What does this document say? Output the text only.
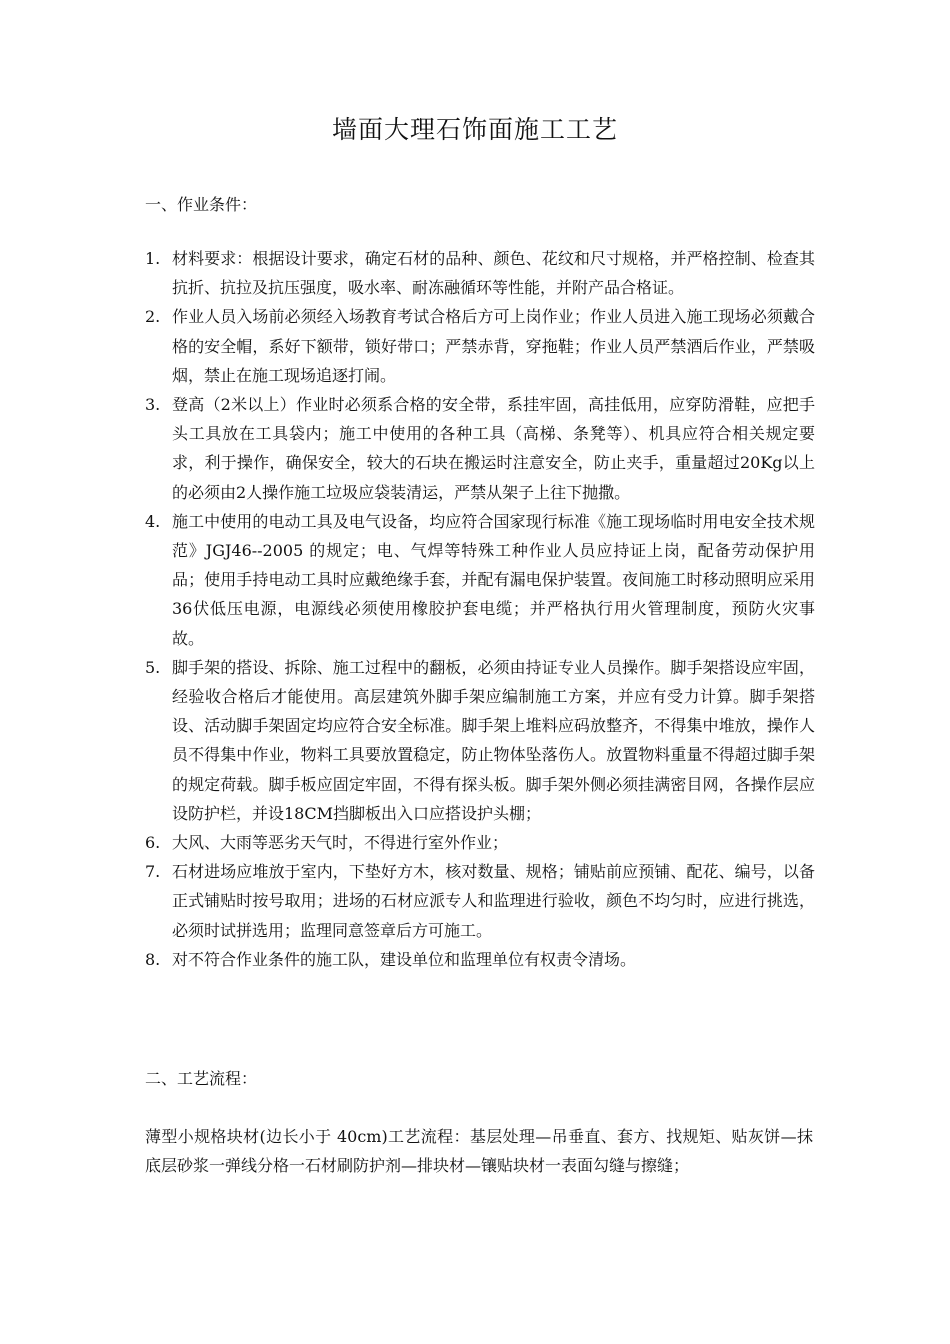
墙面大理石饰面施工工艺
一、作业条件：
1. 材料要求：根据设计要求，确定石材的品种、颜色、花纹和尺寸规格，并严格控制、检查其抗折、抗拉及抗压强度，吸水率、耐冻融循环等性能，并附产品合格证。
2. 作业人员入场前必须经入场教育考试合格后方可上岗作业；作业人员进入施工现场必须戴合格的安全帽，系好下额带，锁好带口；严禁赤背，穿拖鞋；作业人员严禁酒后作业，严禁吸烟，禁止在施工现场追逐打闹。
3. 登高（2米以上）作业时必须系合格的安全带，系挂牢固，高挂低用，应穿防滑鞋，应把手头工具放在工具袋内；施工中使用的各种工具（高梯、条凳等）、机具应符合相关规定要求，利于操作，确保安全，较大的石块在搬运时注意安全，防止夹手，重量超过20Kg以上的必须由2人操作施工垃圾应袋装清运，严禁从架子上往下抛撒。
4. 施工中使用的电动工具及电气设备，均应符合国家现行标准《施工现场临时用电安全技术规范》JGJ46--2005 的规定；电、气焊等特殊工种作业人员应持证上岗，配备劳动保护用品；使用手持电动工具时应戴绝缘手套，并配有漏电保护装置。夜间施工时移动照明应采用36伏低压电源，电源线必须使用橡胶护套电缆；并严格执行用火管理制度，预防火灾事故。
5. 脚手架的搭设、拆除、施工过程中的翻板，必须由持证专业人员操作。脚手架搭设应牢固，经验收合格后才能使用。高层建筑外脚手架应编制施工方案，并应有受力计算。脚手架搭设、活动脚手架固定均应符合安全标准。脚手架上堆料应码放整齐，不得集中堆放，操作人员不得集中作业，物料工具要放置稳定，防止物体坠落伤人。放置物料重量不得超过脚手架的规定荷载。脚手板应固定牢固，不得有探头板。脚手架外侧必须挂满密目网，各操作层应设防护栏，并设18CM挡脚板出入口应搭设护头棚；
6. 大风、大雨等恶劣天气时，不得进行室外作业；
7. 石材进场应堆放于室内，下垫好方木，核对数量、规格；铺贴前应预铺、配花、编号，以备正式铺贴时按号取用；进场的石材应派专人和监理进行验收，颜色不均匀时，应进行挑选，必须时试拼选用；监理同意签章后方可施工。
8. 对不符合作业条件的施工队，建设单位和监理单位有权责令清场。
二、工艺流程：

薄型小规格块材(边长小于 40cm)工艺流程：基层处理—吊垂直、套方、找规矩、贴灰饼—抹底层砂浆一弹线分格一石材刷防护剂—排块材—镶贴块材一表面勾缝与擦缝；
